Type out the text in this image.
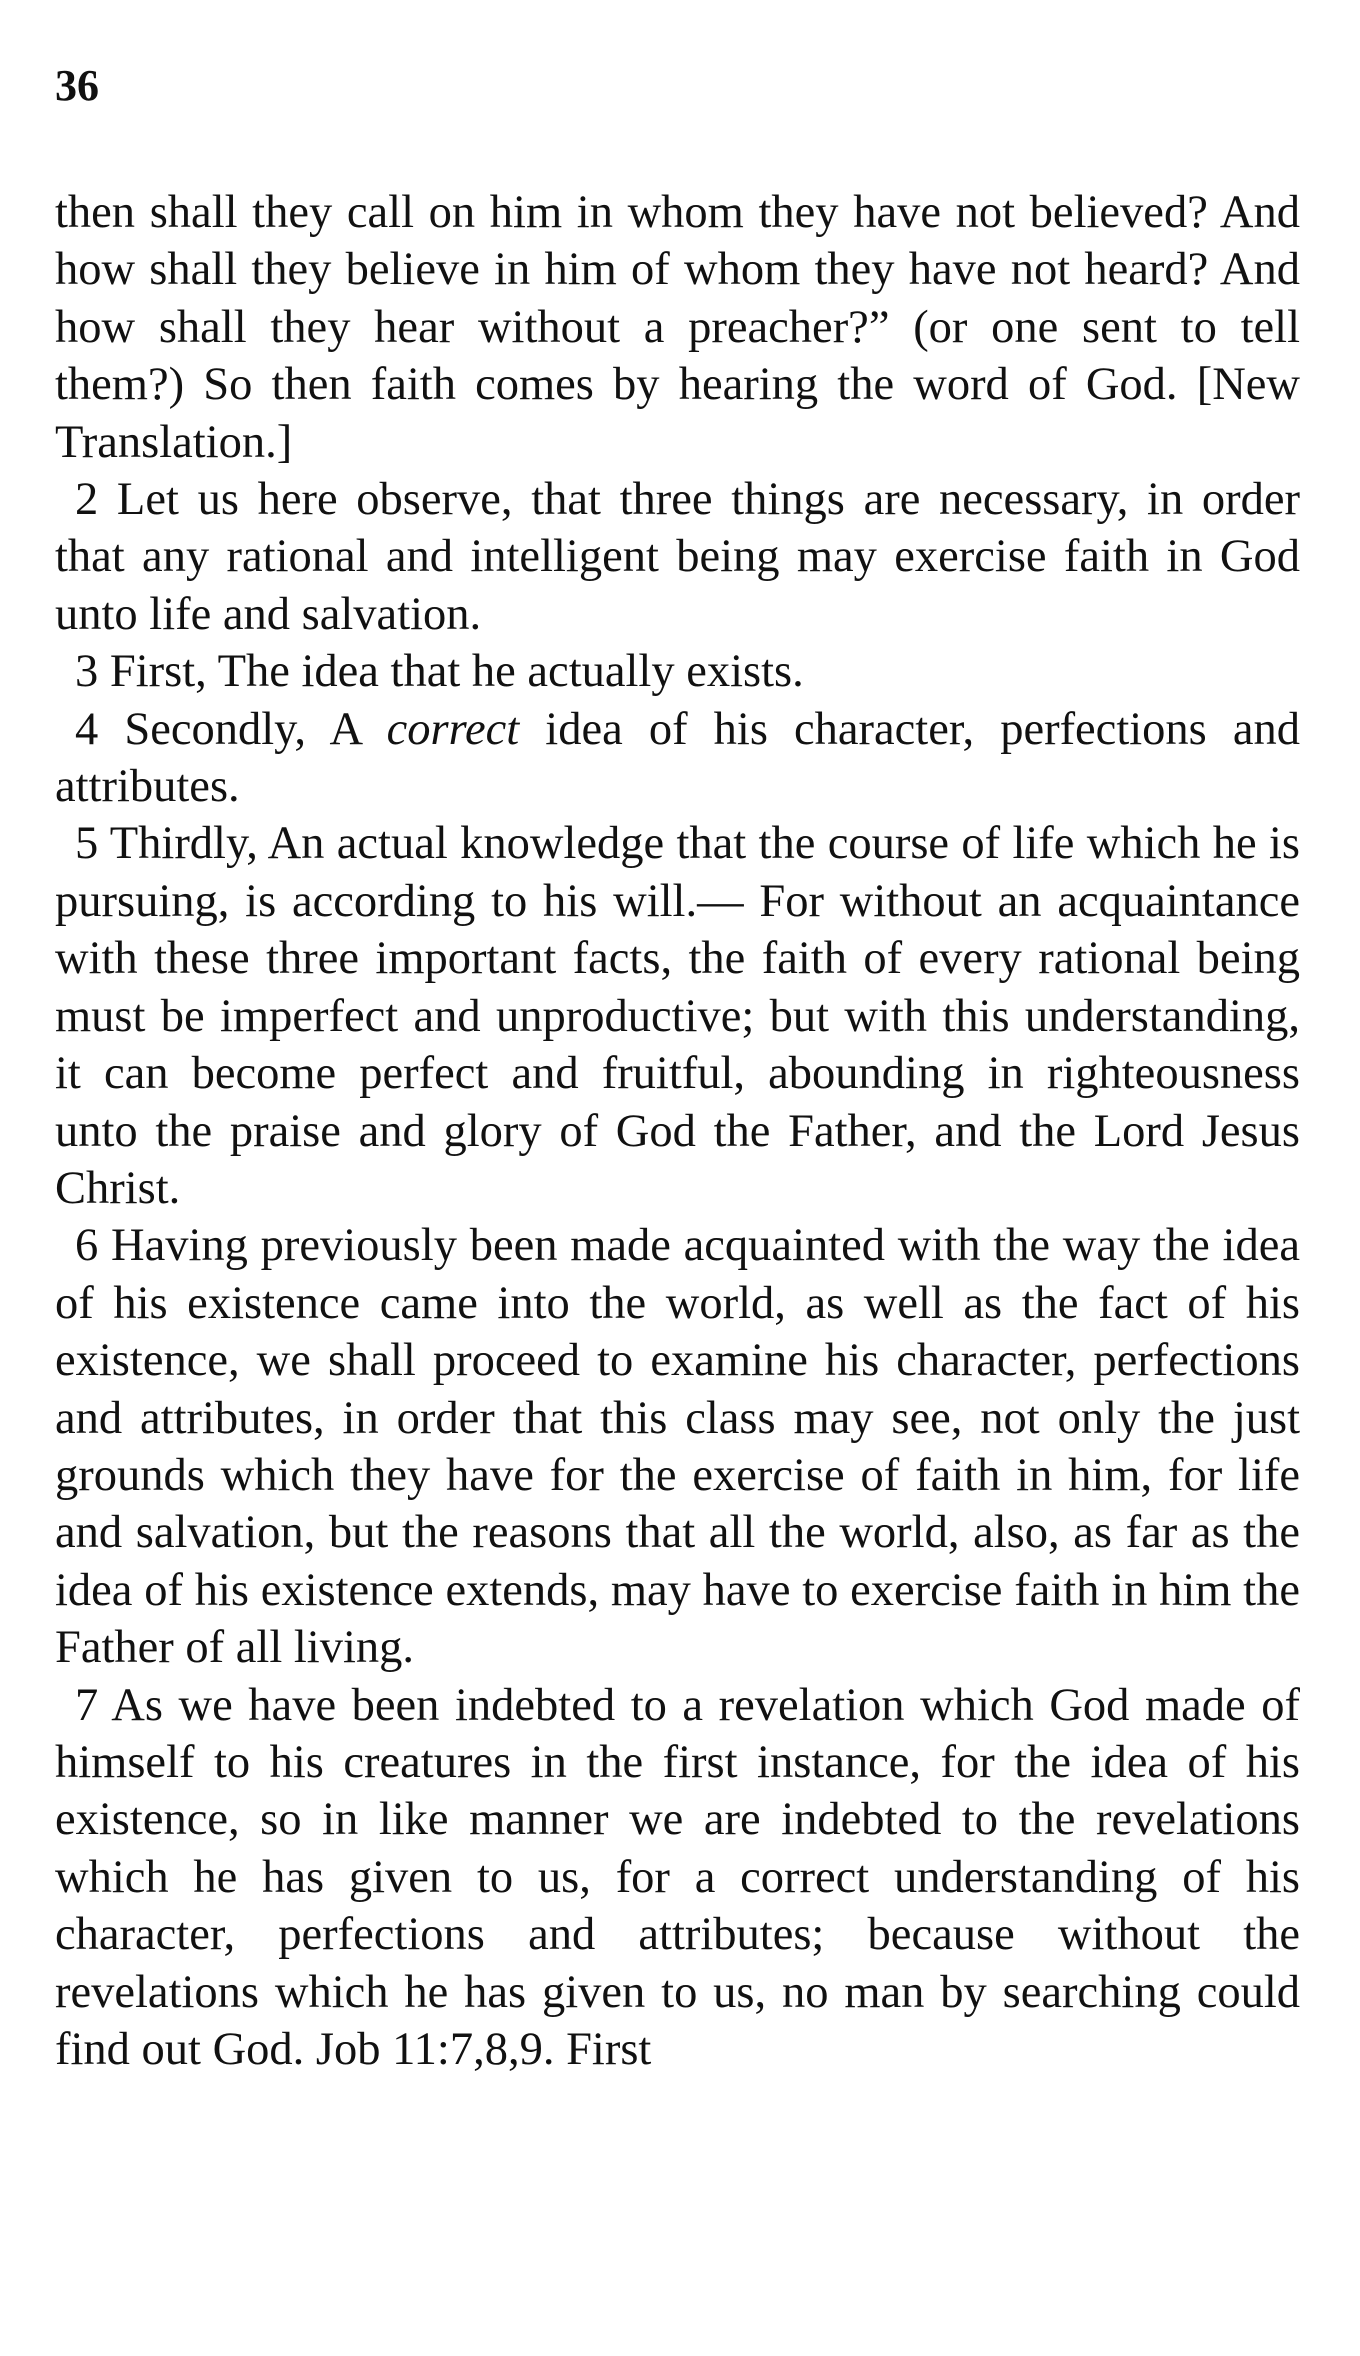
36

then shall they call on him in whom they have not believed? And how shall they believe in him of whom they have not heard? And how shall they hear without a preacher?” (or one sent to tell them?) So then faith comes by hearing the word of God. [New Translation.]

2 Let us here observe, that three things are necessary, in order that any rational and intelligent being may exercise faith in God unto life and salvation.

3 First, The idea that he actually exists.

4 Secondly, A correct idea of his character, perfections and attributes.

5 Thirdly, An actual knowledge that the course of life which he is pursuing, is according to his will.— For without an acquaintance with these three important facts, the faith of every rational being must be imperfect and unproductive; but with this understanding, it can become perfect and fruitful, abounding in righteousness unto the praise and glory of God the Father, and the Lord Jesus Christ.

6 Having previously been made acquainted with the way the idea of his existence came into the world, as well as the fact of his existence, we shall proceed to examine his character, perfections and attributes, in order that this class may see, not only the just grounds which they have for the exercise of faith in him, for life and salvation, but the reasons that all the world, also, as far as the idea of his existence extends, may have to exercise faith in him the Father of all living.

7 As we have been indebted to a revelation which God made of himself to his creatures in the first instance, for the idea of his existence, so in like manner we are indebted to the revelations which he has given to us, for a correct understanding of his character, perfections and attributes; because without the revelations which he has given to us, no man by searching could find out God. Job 11:7,8,9. First
